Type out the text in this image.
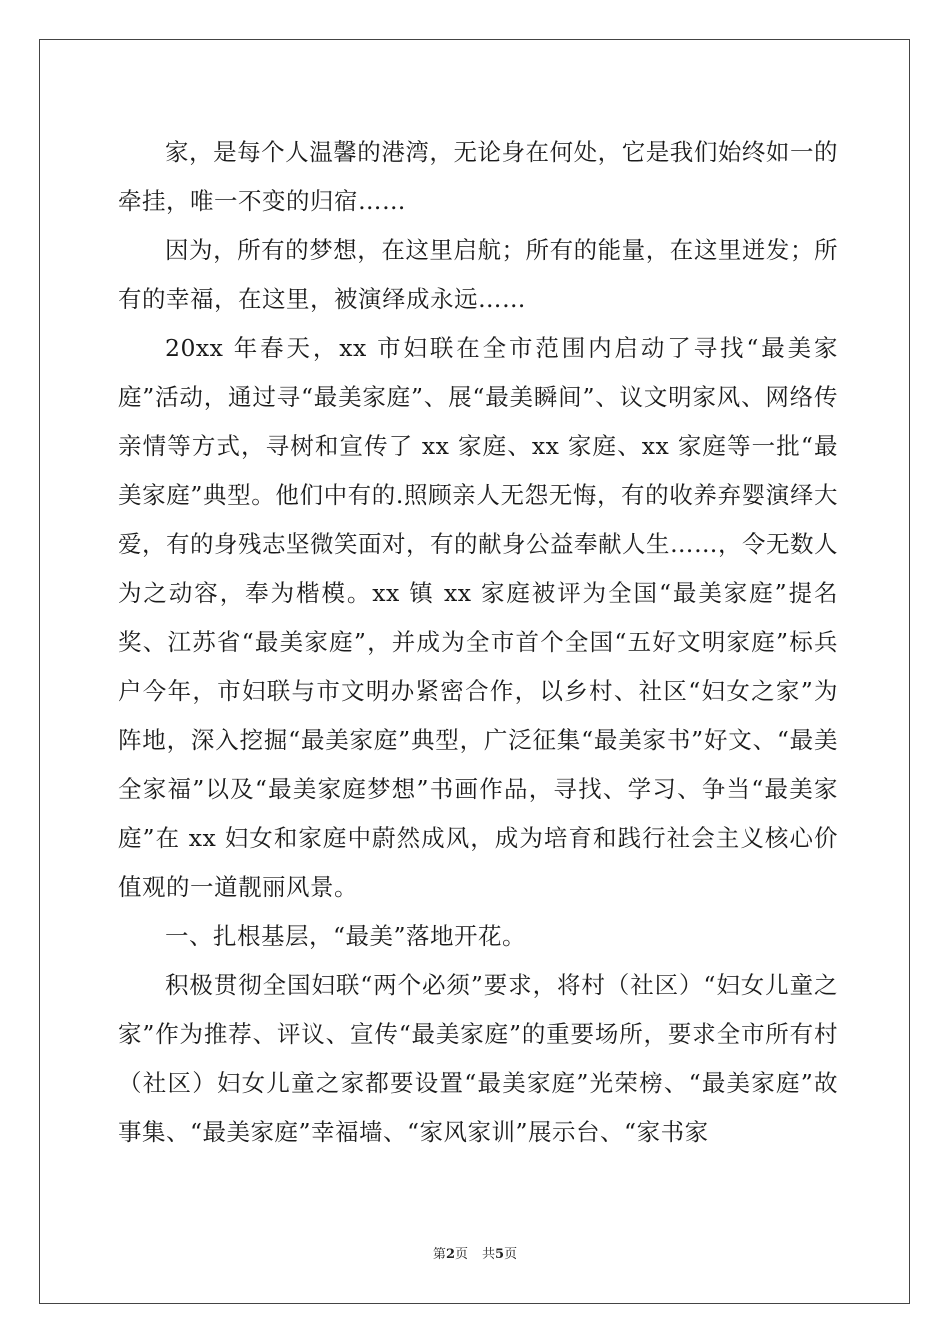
家，是每个人温馨的港湾，无论身在何处，它是我们始终如一的牵挂，唯一不变的归宿……

因为，所有的梦想，在这里启航；所有的能量，在这里迸发；所有的幸福，在这里，被演绎成永远……

20xx 年春天，xx 市妇联在全市范围内启动了寻找“最美家庭”活动，通过寻“最美家庭”、展“最美瞬间”、议文明家风、网络传亲情等方式，寻树和宣传了 xx 家庭、xx 家庭、xx 家庭等一批“最美家庭”典型。他们中有的.照顾亲人无怨无悔，有的收养弃婴演绎大爱，有的身残志坚微笑面对，有的献身公益奉献人生……，令无数人为之动容，奉为楷模。xx 镇 xx 家庭被评为全国“最美家庭”提名奖、江苏省“最美家庭”，并成为全市首个全国“五好文明家庭”标兵户今年，市妇联与市文明办紧密合作，以乡村、社区“妇女之家”为阵地，深入挖掘“最美家庭”典型，广泛征集“最美家书”好文、“最美全家福”以及“最美家庭梦想”书画作品，寻找、学习、争当“最美家庭”在 xx 妇女和家庭中蔚然成风，成为培育和践行社会主义核心价值观的一道靓丽风景。

一、扎根基层，“最美”落地开花。

积极贯彻全国妇联“两个必须”要求，将村（社区）“妇女儿童之家”作为推荐、评议、宣传“最美家庭”的重要场所，要求全市所有村（社区）妇女儿童之家都要设置“最美家庭”光荣榜、“最美家庭”故事集、“最美家庭”幸福墙、“家风家训”展示台、“家书家

第2页 共5页
